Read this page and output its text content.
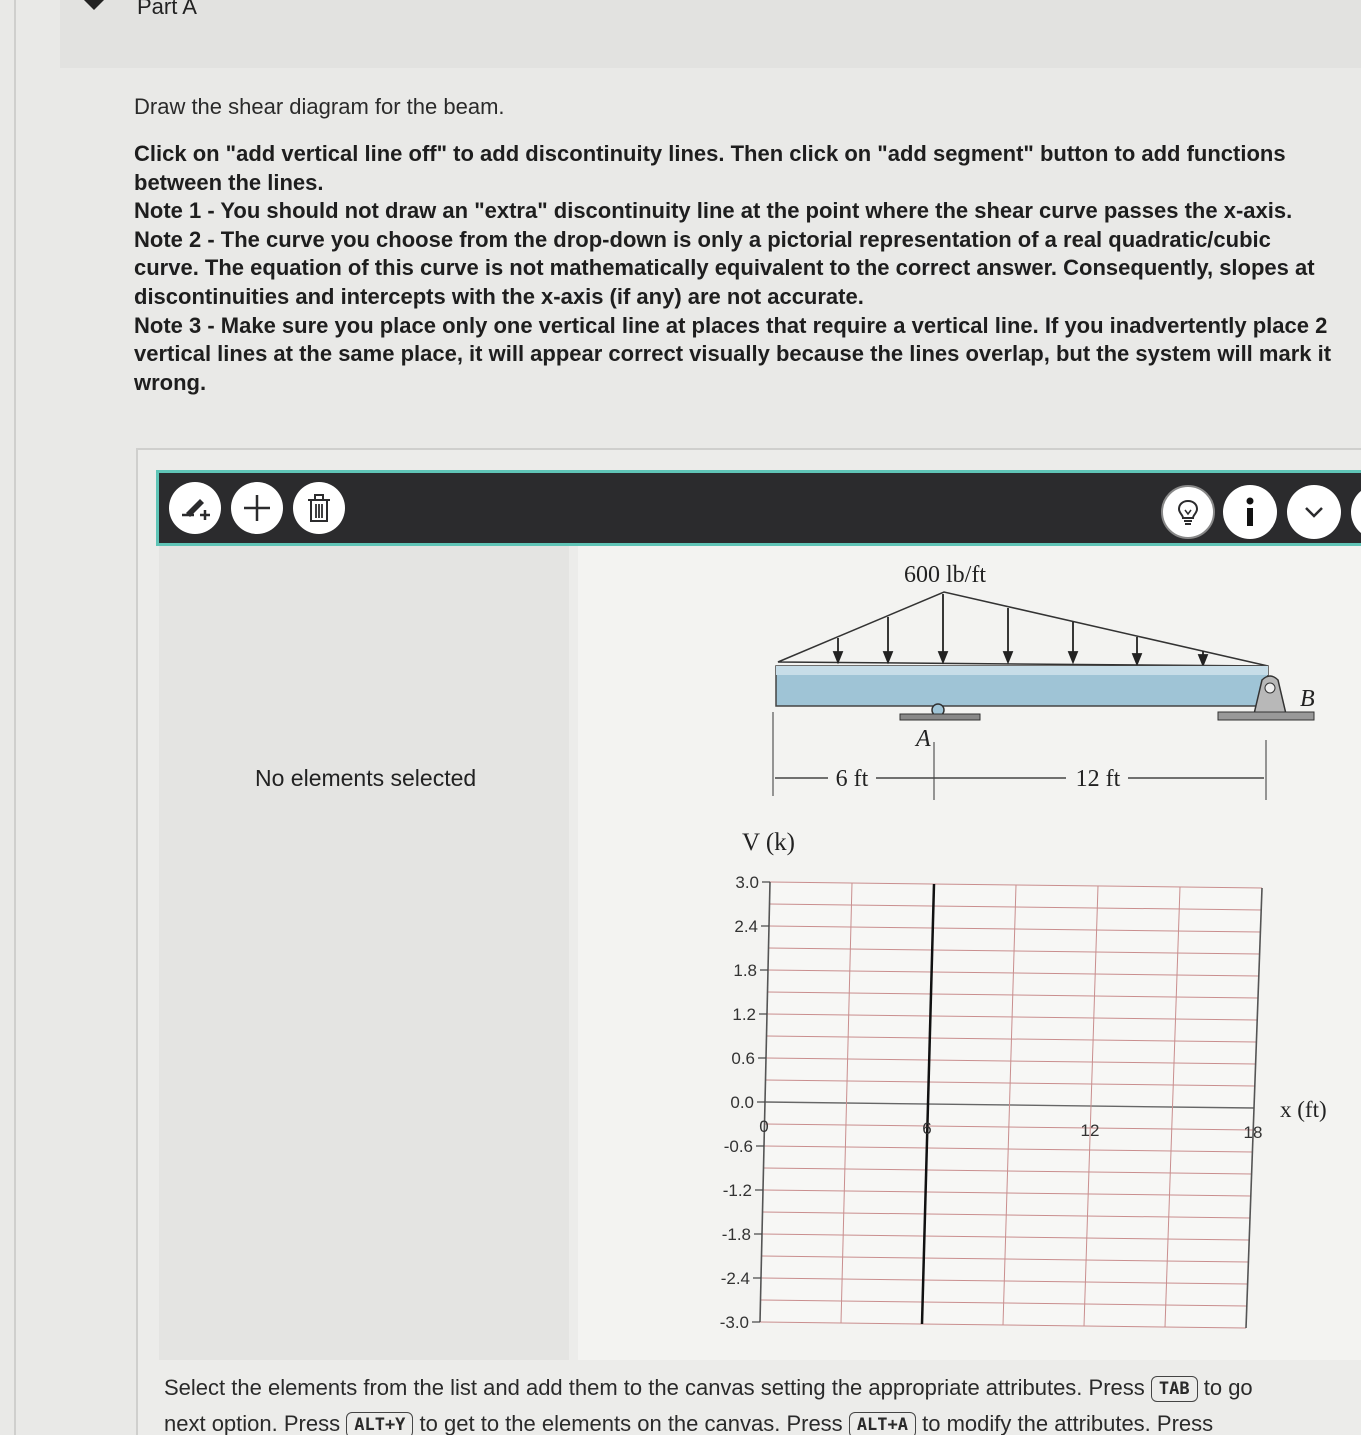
Part A
Draw the shear diagram for the beam.

Click on "add vertical line off" to add discontinuity lines. Then click on "add segment" button to add functions between the lines.

Note 1 - You should not draw an "extra" discontinuity line at the point where the shear curve passes the x-axis.

Note 2 - The curve you choose from the drop-down is only a pictorial representation of a real quadratic/cubic curve. The equation of this curve is not mathematically equivalent to the correct answer. Consequently, slopes at discontinuities and intercepts with the x-axis (if any) are not accurate.

Note 3 - Make sure you place only one vertical line at places that require a vertical line. If you inadvertently place 2 vertical lines at the same place, it will appear correct visually because the lines overlap, but the system will mark it wrong.

No elements selected
600 lb/ft
A
B
6 ft	12 ft
V (k)
x (ft)
3.0
2.4
1.8
1.2
0.6
0.0
-0.6
-1.2
-1.8
-2.4
-3.0
0	6	12	18
Select the elements from the list and add them to the canvas setting the appropriate attributes. Press TAB to go
next option. Press ALT+Y to get to the elements on the canvas. Press ALT+A to modify the attributes. Press
